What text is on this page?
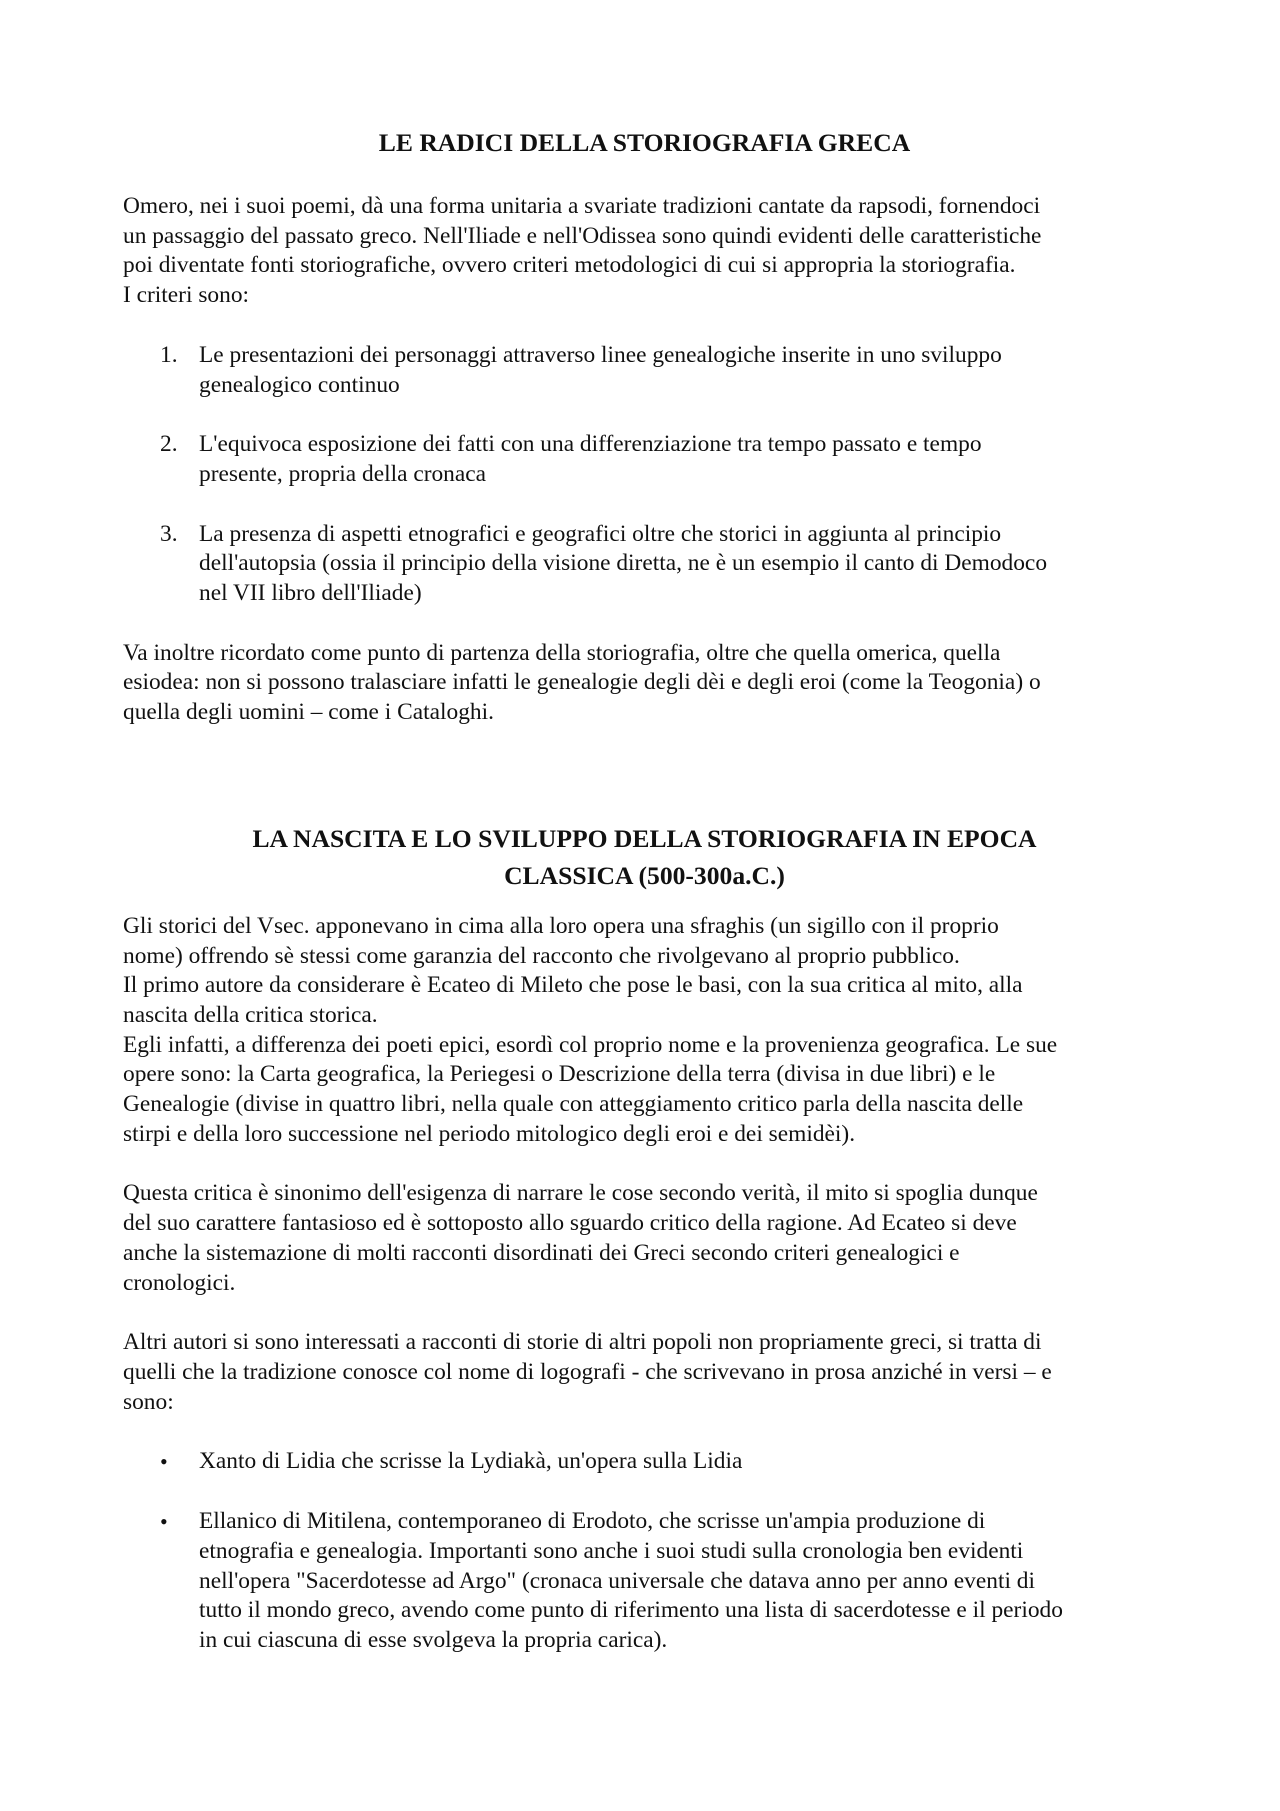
LE RADICI DELLA STORIOGRAFIA GRECA

Omero, nei i suoi poemi, dà una forma unitaria a svariate tradizioni cantate da rapsodi, fornendoci
un passaggio del passato greco. Nell'Iliade e nell'Odissea sono quindi evidenti delle caratteristiche
poi diventate fonti storiografiche, ovvero criteri metodologici di cui si appropria la storiografia.
I criteri sono:

1. Le presentazioni dei personaggi attraverso linee genealogiche inserite in uno sviluppo
genealogico continuo
2. L'equivoca esposizione dei fatti con una differenziazione tra tempo passato e tempo
presente, propria della cronaca
3. La presenza di aspetti etnografici e geografici oltre che storici in aggiunta al principio
dell'autopsia (ossia il principio della visione diretta, ne è un esempio il canto di Demodoco
nel VII libro dell'Iliade)

Va inoltre ricordato come punto di partenza della storiografia, oltre che quella omerica, quella
esiodea: non si possono tralasciare infatti le genealogie degli dèi e degli eroi (come la Teogonia) o
quella degli uomini – come i Cataloghi.

LA NASCITA E LO SVILUPPO DELLA STORIOGRAFIA IN EPOCA
CLASSICA (500-300a.C.)

Gli storici del Vsec. apponevano in cima alla loro opera una sfraghis (un sigillo con il proprio
nome) offrendo sè stessi come garanzia del racconto che rivolgevano al proprio pubblico.
Il primo autore da considerare è Ecateo di Mileto che pose le basi, con la sua critica al mito, alla
nascita della critica storica.
Egli infatti, a differenza dei poeti epici, esordì col proprio nome e la provenienza geografica. Le sue
opere sono: la Carta geografica, la Periegesi o Descrizione della terra (divisa in due libri) e le
Genealogie (divise in quattro libri, nella quale con atteggiamento critico parla della nascita delle
stirpi e della loro successione nel periodo mitologico degli eroi e dei semidèi).

Questa critica è sinonimo dell'esigenza di narrare le cose secondo verità, il mito si spoglia dunque
del suo carattere fantasioso ed è sottoposto allo sguardo critico della ragione. Ad Ecateo si deve
anche la sistemazione di molti racconti disordinati dei Greci secondo criteri genealogici e
cronologici.

Altri autori si sono interessati a racconti di storie di altri popoli non propriamente greci, si tratta di
quelli che la tradizione conosce col nome di logografi - che scrivevano in prosa anziché in versi – e
sono:

•	Xanto di Lidia che scrisse la Lydiakà, un'opera sulla Lidia
•	Ellanico di Mitilena, contemporaneo di Erodoto, che scrisse un'ampia produzione di
etnografia e genealogia. Importanti sono anche i suoi studi sulla cronologia ben evidenti
nell'opera "Sacerdotesse ad Argo" (cronaca universale che datava anno per anno eventi di
tutto il mondo greco, avendo come punto di riferimento una lista di sacerdotesse e il periodo
in cui ciascuna di esse svolgeva la propria carica).
